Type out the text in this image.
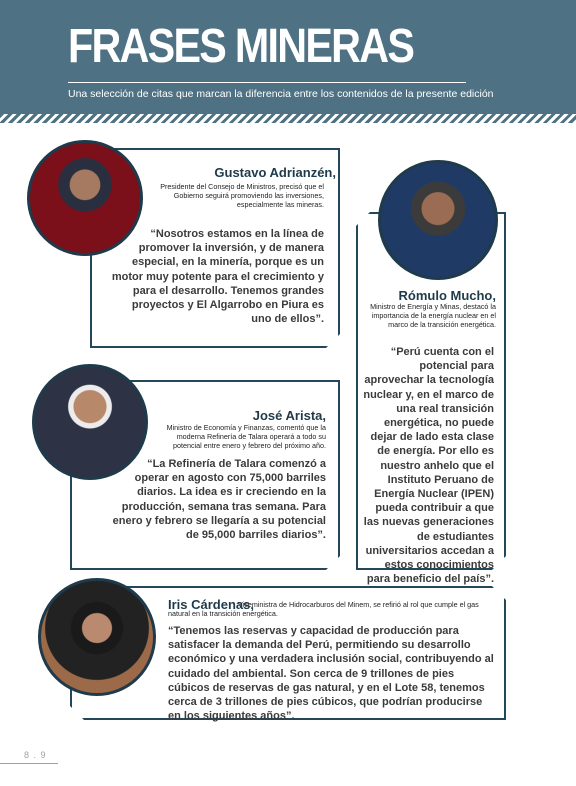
FRASES MINERAS
Una selección de citas que marcan la diferencia entre los contenidos de la presente edición
Gustavo Adrianzén,
Presidente del Consejo de Ministros, precisó que el Gobierno seguirá promoviendo las inversiones, especialmente las mineras.
“Nosotros estamos en la línea de promover la inversión, y de manera especial, en la minería, porque es un motor muy potente para el crecimiento y para el desarrollo. Tenemos grandes proyectos y El Algarrobo en Piura es uno de ellos”.
Rómulo Mucho,
Ministro de Energía y Minas, destacó la importancia de la energía nuclear en el marco de la transición energética.
“Perú cuenta con el potencial para aprovechar la tecnología nuclear y, en el marco de una real transición energética, no puede dejar de lado esta clase de energía. Por ello es nuestro anhelo que el Instituto Peruano de Energía Nuclear (IPEN) pueda contribuir a que las nuevas generaciones de estudiantes universitarios accedan a estos conocimientos para beneficio del país”.
José Arista,
Ministro de Economía y Finanzas, comentó que la moderna Refinería de Talara operará a todo su potencial entre enero y febrero del próximo año.
“La Refinería de Talara comenzó a operar en agosto con 75,000 barriles diarios. La idea es ir creciendo en la producción, semana tras semana. Para enero y febrero se llegaría a su potencial de 95,000 barriles diarios”.
Viceministra de Hidrocarburos del Minem, se refirió al rol que cumple el gas natural en la transición energética.
Iris Cárdenas,
“Tenemos las reservas y capacidad de producción para satisfacer la demanda del Perú, permitiendo su desarrollo económico y una verdadera inclusión social, contribuyendo al cuidado del ambiental. Son cerca de 9 trillones de pies cúbicos de reservas de gas natural, y en el Lote 58, tenemos cerca de 3 trillones de pies cúbicos, que podrían producirse en los siguientes años”.
8 . 9
